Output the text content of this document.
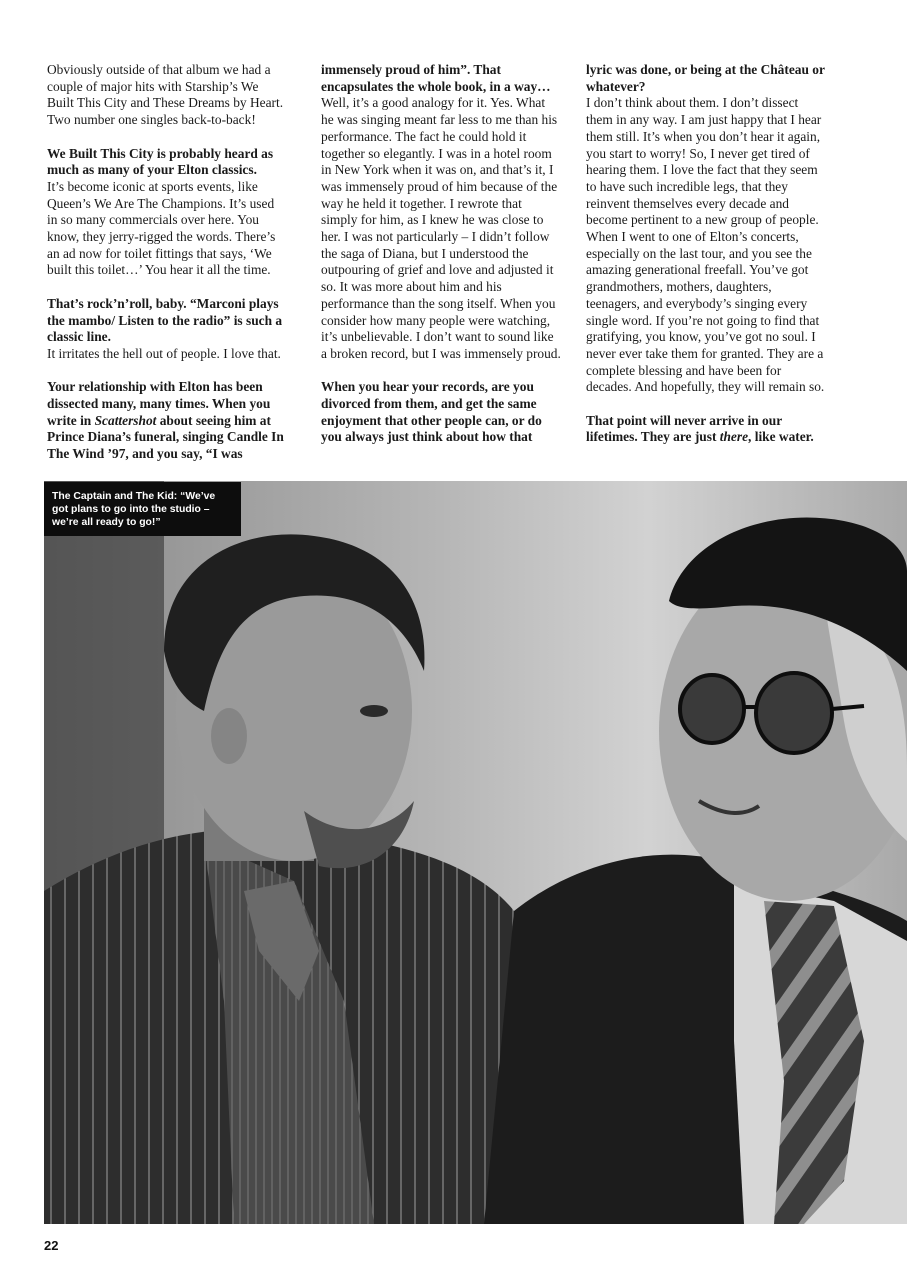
Obviously outside of that album we had a couple of major hits with Starship’s We Built This City and These Dreams by Heart. Two number one singles back-to-back!

We Built This City is probably heard as much as many of your Elton classics.
It’s become iconic at sports events, like Queen’s We Are The Champions. It’s used in so many commercials over here. You know, they jerry-rigged the words. There’s an ad now for toilet fittings that says, ‘We built this toilet…’ You hear it all the time.

That’s rock’n’roll, baby. “Marconi plays the mambo/ Listen to the radio” is such a classic line.
It irritates the hell out of people. I love that.

Your relationship with Elton has been dissected many, many times. When you write in Scattershot about seeing him at Prince Diana’s funeral, singing Candle In The Wind ’97, and you say, “I was

immensely proud of him”. That encapsulates the whole book, in a way…
Well, it’s a good analogy for it. Yes. What he was singing meant far less to me than his performance. The fact he could hold it together so elegantly. I was in a hotel room in New York when it was on, and that’s it, I was immensely proud of him because of the way he held it together. I rewrote that simply for him, as I knew he was close to her. I was not particularly – I didn’t follow the saga of Diana, but I understood the outpouring of grief and love and adjusted it so. It was more about him and his performance than the song itself. When you consider how many people were watching, it’s unbelievable. I don’t want to sound like a broken record, but I was immensely proud.

When you hear your records, are you divorced from them, and get the same enjoyment that other people can, or do you always just think about how that

lyric was done, or being at the Château or whatever?
I don’t think about them. I don’t dissect them in any way. I am just happy that I hear them still. It’s when you don’t hear it again, you start to worry! So, I never get tired of hearing them. I love the fact that they seem to have such incredible legs, that they reinvent themselves every decade and become pertinent to a new group of people. When I went to one of Elton’s concerts, especially on the last tour, and you see the amazing generational freefall. You’ve got grandmothers, mothers, daughters, teenagers, and everybody’s singing every single word. If you’re not going to find that gratifying, you know, you’ve got no soul. I never ever take them for granted. They are a complete blessing and have been for decades. And hopefully, they will remain so.

That point will never arrive in our lifetimes. They are just there, like water.

The Captain and The Kid: “We’ve got plans to go into the studio – we’re all ready to go!”
22
